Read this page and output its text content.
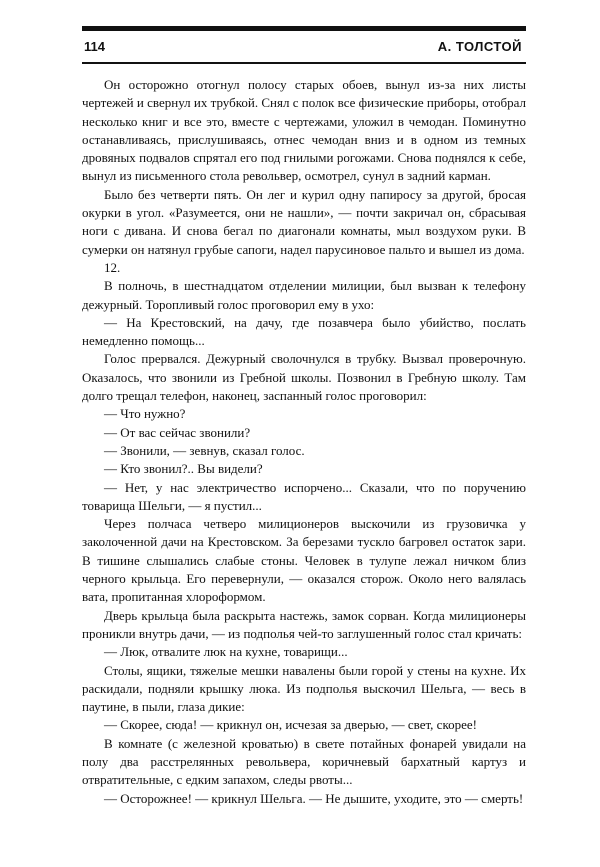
114	А. ТОЛСТОЙ

Он осторожно отогнул полосу старых обоев, вынул из-за них листы чертежей и свернул их трубкой. Снял с полок все физические приборы, отобрал несколько книг и все это, вместе с чертежами, уложил в чемодан. Поминутно останавливаясь, прислушиваясь, отнес чемодан вниз и в одном из темных дровяных подвалов спрятал его под гнилыми рогожами. Снова поднялся к себе, вынул из письменного стола револьвер, осмотрел, сунул в задний карман.

Было без четверти пять. Он лег и курил одну папиросу за другой, бросая окурки в угол. «Разумеется, они не нашли», — почти закричал он, сбрасывая ноги с дивана. И снова бегал по диагонали комнаты, мыл воздухом руки. В сумерки он натянул грубые сапоги, надел парусиновое пальто и вышел из дома.

12.

В полночь, в шестнадцатом отделении милиции, был вызван к телефону дежурный. Торопливый голос проговорил ему в ухо:

— На Крестовский, на дачу, где позавчера было убийство, послать немедленно помощь...

Голос прервался. Дежурный сволочнулся в трубку. Вызвал проверочную. Оказалось, что звонили из Гребной школы. Позвонил в Гребную школу. Там долго трещал телефон, наконец, заспанный голос проговорил:

— Что нужно?

— От вас сейчас звонили?

— Звонили, — зевнув, сказал голос.

— Кто звонил?.. Вы видели?

— Нет, у нас электричество испорчено... Сказали, что по поручению товарища Шельги, — я пустил...

Через полчаса четверо милиционеров выскочили из грузовичка у заколоченной дачи на Крестовском. За березами тускло багровел остаток зари. В тишине слышались слабые стоны. Человек в тулупе лежал ничком близ черного крыльца. Его перевернули, — оказался сторож. Около него валялась вата, пропитанная хлороформом.

Дверь крыльца была раскрыта настежь, замок сорван. Когда милиционеры проникли внутрь дачи, — из подполья чей-то заглушенный голос стал кричать:

— Люк, отвалите люк на кухне, товарищи...

Столы, ящики, тяжелые мешки навалены были горой у стены на кухне. Их раскидали, подняли крышку люка. Из подполья выскочил Шельга, — весь в паутине, в пыли, глаза дикие:

— Скорее, сюда! — крикнул он, исчезая за дверью, — свет, скорее!

В комнате (с железной кроватью) в свете потайных фонарей увидали на полу два расстрелянных револьвера, коричневый бархатный картуз и отвратительные, с едким запахом, следы рвоты...

— Осторожнее! — крикнул Шельга. — Не дышите, уходите, это — смерть!
